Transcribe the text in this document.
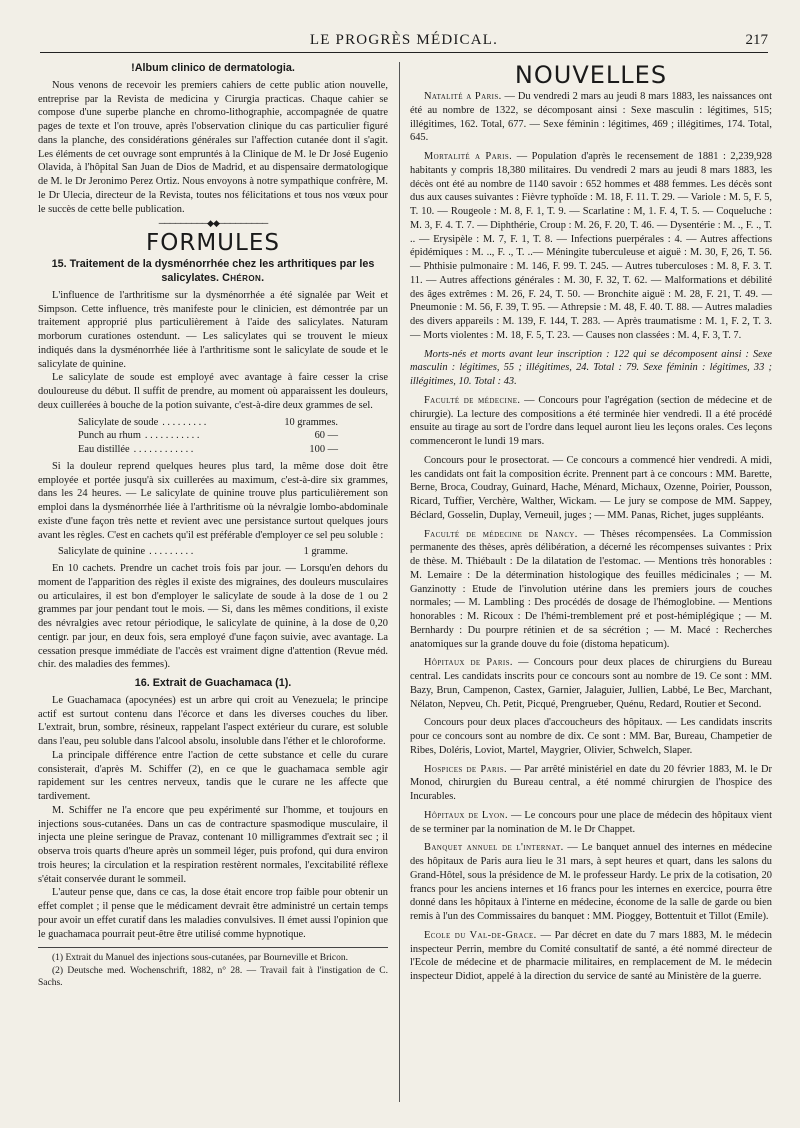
LE PROGRÈS MÉDICAL.	217
!Album clinico de dermatologia.

Nous venons de recevoir les premiers cahiers de cette public ation nouvelle, entreprise par la Revista de medicina y Cirurgia practicas. Chaque cahier se compose d'une superbe planche en chromo-lithographie, accompagnée de quatre pages de texte et l'on trouve, après l'observation clinique du cas particulier figuré dans la planche, des considérations générales sur l'affection cutanée dont il s'agit. Les éléments de cet ouvrage sont empruntés à la Clinique de M. le Dr José Eugenio Olavida, à l'hôpital San Juan de Dios de Madrid, et au dispensaire dermatologique de M. le Dr Jeronimo Perez Ortiz. Nous envoyons à notre sympathique confrère, M. le Dr Ulecia, directeur de la Revista, toutes nos félicitations et tous nos vœux pour le succès de cette belle publication.

─────────◆◆─────────
FORMULES
15. Traitement de la dysménorrhée chez les arthritiques par les salicylates. Chéron.

L'influence de l'arthritisme sur la dysménorrhée a été signalée par Weit et Simpson. Cette influence, très manifeste pour le clinicien, est démontrée par un traitement approprié plus particulièrement à l'aide des salicylates. Naturam morborum curationes ostendunt. — Les salicylates qui se trouvent le mieux indiqués dans la dysménorrhée liée à l'arthritisme sont le salicylate de soude et le salicylate de quinine.

Le salicylate de soude est employé avec avantage à faire cesser la crise douloureuse du début. Il suffit de prendre, au moment où apparaissent les douleurs, deux cuillerées à bouche de la potion suivante, c'est-à-dire deux grammes de sel.

Salicylate de soude . . . . . . . . .	10 grammes.
Punch au rhum . . . . . . . . . . .	60 —
Eau distillée . . . . . . . . . . . .	100 —

Si la douleur reprend quelques heures plus tard, la même dose doit être employée et portée jusqu'à six cuillerées au maximum, c'est-à-dire six grammes, dans les 24 heures. — Le salicylate de quinine trouve plus particulièrement son emploi dans la dysménorrhée liée à l'arthritisme où la névralgie lombo-abdominale existe d'une façon très nette et revient avec une persistance surtout quelques jours avant les règles. C'est en cachets qu'il est préférable d'employer ce sel peu soluble :

Salicylate de quinine . . . . . . . . .	1 gramme.

En 10 cachets. Prendre un cachet trois fois par jour. — Lorsqu'en dehors du moment de l'apparition des règles il existe des migraines, des douleurs musculaires ou articulaires, il est bon d'employer le salicylate de soude à la dose de 1 ou 2 grammes par jour pendant tout le mois. — Si, dans les mêmes conditions, il existe des névralgies avec retour périodique, le salicylate de quinine, à la dose de 0,20 centigr. par jour, en deux fois, sera employé d'une façon suivie, avec avantage. La cessation presque immédiate de l'accès est vraiment digne d'attention (Revue méd. chir. des maladies des femmes).

16. Extrait de Guachamaca (1).

Le Guachamaca (apocynées) est un arbre qui croit au Venezuela; le principe actif est surtout contenu dans l'écorce et dans les diverses couches du liber. L'extrait, brun, sombre, résineux, rappelant l'aspect extérieur du curare, est soluble dans l'eau, peu soluble dans l'alcool absolu, insoluble dans l'éther et le chloroforme.

La principale différence entre l'action de cette substance et celle du curare consisterait, d'après M. Schiffer (2), en ce que le guachamaca semble agir rapidement sur les centres nerveux, tandis que le curare ne les affecte que tardivement.

M. Schiffer ne l'a encore que peu expérimenté sur l'homme, et toujours en injections sous-cutanées. Dans un cas de contracture spasmodique musculaire, il injecta une pleine seringue de Pravaz, contenant 10 milligrammes d'extrait sec ; il observa trois quarts d'heure après un sommeil léger, puis profond, qui dura environ trois heures; la circulation et la respiration restèrent normales, l'excitabilité réflexe s'était conservée durant le sommeil.

L'auteur pense que, dans ce cas, la dose était encore trop faible pour obtenir un effet complet ; il pense que le médicament devrait être administré un certain temps pour avoir un effet curatif dans les maladies convulsives. Il émet aussi l'opinion que le guachamaca pourrait peut-être être utilisé comme hypnotique.

(1) Extrait du Manuel des injections sous-cutanées, par Bourneville et Bricon.

(2) Deutsche med. Wochenschrift, 1882, n° 28. — Travail fait à l'instigation de C. Sachs.

NOUVELLES

Natalité a Paris. — Du vendredi 2 mars au jeudi 8 mars 1883, les naissances ont été au nombre de 1322, se décomposant ainsi : Sexe masculin : légitimes, 515; illégitimes, 162. Total, 677. — Sexe féminin : légitimes, 469 ; illégitimes, 174. Total, 645.

Mortalité a Paris. — Population d'après le recensement de 1881 : 2,239,928 habitants y compris 18,380 militaires. Du vendredi 2 mars au jeudi 8 mars 1883, les décès ont été au nombre de 1140 savoir : 652 hommes et 488 femmes. Les décès sont dus aux causes suivantes : Fièvre typhoïde : M. 18, F. 11. T. 29. — Variole : M. 5, F. 5, T. 10. — Rougeole : M. 8, F. 1, T. 9. — Scarlatine : M, 1. F. 4, T. 5. — Coqueluche : M. 3, F. 4. T. 7. — Diphthérie, Croup : M. 26, F. 20, T. 46. — Dysentérie : M. ., F. ., T. .. — Erysipèle : M. 7, F. 1, T. 8. — Infections puerpérales : 4. — Autres affections épidémiques : M. .., F. ., T. ..— Méningite tuberculeuse et aiguë : M. 30, F, 26, T. 56. — Phthisie pulmonaire : M. 146, F. 99. T. 245. — Autres tuberculoses : M. 8, F. 3. T. 11. — Autres affections générales : M. 30, F. 32, T. 62. — Malformations et débilité des âges extrêmes : M. 26, F. 24, T. 50. — Bronchite aiguë : M. 28, F. 21, T. 49. — Pneumonie : M. 56, F. 39, T. 95. — Athrepsie : M. 48, F. 40. T. 88. — Autres maladies des divers appareils : M. 139, F. 144, T. 283. — Après traumatisme : M. 1, F. 2, T. 3. — Morts violentes : M. 18, F. 5, T. 23. — Causes non classées : M. 4, F. 3, T. 7.

Morts-nés et morts avant leur inscription : 122 qui se décomposent ainsi : Sexe masculin : légitimes, 55 ; illégitimes, 24. Total : 79. Sexe féminin : légitimes, 33 ; illégitimes, 10. Total : 43.

Faculté de médecine. — Concours pour l'agrégation (section de médecine et de chirurgie). La lecture des compositions a été terminée hier vendredi. Il a été procédé ensuite au tirage au sort de l'ordre dans lequel auront lieu les leçons orales. Ces leçons commenceront le lundi 19 mars.

Concours pour le prosectorat. — Ce concours a commencé hier vendredi. A midi, les candidats ont fait la composition écrite. Prennent part à ce concours : MM. Barette, Berne, Broca, Coudray, Guinard, Hache, Ménard, Michaux, Ozenne, Poirier, Pousson, Ricard, Tuffier, Verchère, Walther, Wickam. — Le jury se compose de MM. Sappey, Béclard, Gosselin, Duplay, Verneuil, juges ; — MM. Panas, Richet, juges suppléants.

Faculté de médecine de Nancy. — Thèses récompensées. La Commission permanente des thèses, après délibération, a décerné les récompenses suivantes : Prix de thèse. M. Thiébault : De la dilatation de l'estomac. — Mentions très honorables : M. Lemaire : De la détermination histologique des feuilles médicinales ; — M. Ganzinotty : Etude de l'involution utérine dans les premiers jours de couches normales; — M. Lambling : Des procédés de dosage de l'hémoglobine. — Mentions honorables : M. Ricoux : De l'hémi-tremblement pré et post-hémiplégique ; — M. Bernhardy : Du pourpre rétinien et de sa sécrétion ; — M. Macé : Recherches anatomiques sur la grande douve du foie (distoma hepaticum).

Hôpitaux de Paris. — Concours pour deux places de chirurgiens du Bureau central. Les candidats inscrits pour ce concours sont au nombre de 19. Ce sont : MM. Bazy, Brun, Campenon, Castex, Garnier, Jalaguier, Jullien, Labbé, Le Bec, Marchant, Nélaton, Nepveu, Ch. Petit, Picqué, Prengrueber, Quénu, Redard, Routier et Second.

Concours pour deux places d'accoucheurs des hôpitaux. — Les candidats inscrits pour ce concours sont au nombre de dix. Ce sont : MM. Bar, Bureau, Champetier de Ribes, Doléris, Loviot, Martel, Maygrier, Olivier, Schwelch, Slaper.

Hospices de Paris. — Par arrêté ministériel en date du 20 février 1883, M. le Dr Monod, chirurgien du Bureau central, a été nommé chirurgien de l'hospice des Incurables.

Hôpitaux de Lyon. — Le concours pour une place de médecin des hôpitaux vient de se terminer par la nomination de M. le Dr Chappet.

Banquet annuel de l'internat. — Le banquet annuel des internes en médecine des hôpitaux de Paris aura lieu le 31 mars, à sept heures et quart, dans les salons du Grand-Hôtel, sous la présidence de M. le professeur Hardy. Le prix de la cotisation, 20 francs pour les anciens internes et 16 francs pour les internes en exercice, pourra être donné dans les hôpitaux à l'interne en médecine, économe de la salle de garde ou bien remis à l'un des Commissaires du banquet : MM. Pioggey, Bottentuit et Tillot (Emile).

Ecole du Val-de-Grace. — Par décret en date du 7 mars 1883, M. le médecin inspecteur Perrin, membre du Comité consultatif de santé, a été nommé directeur de l'Ecole de médecine et de pharmacie militaires, en remplacement de M. le médecin inspecteur Didiot, appelé à la direction du service de santé au Ministère de la guerre.
